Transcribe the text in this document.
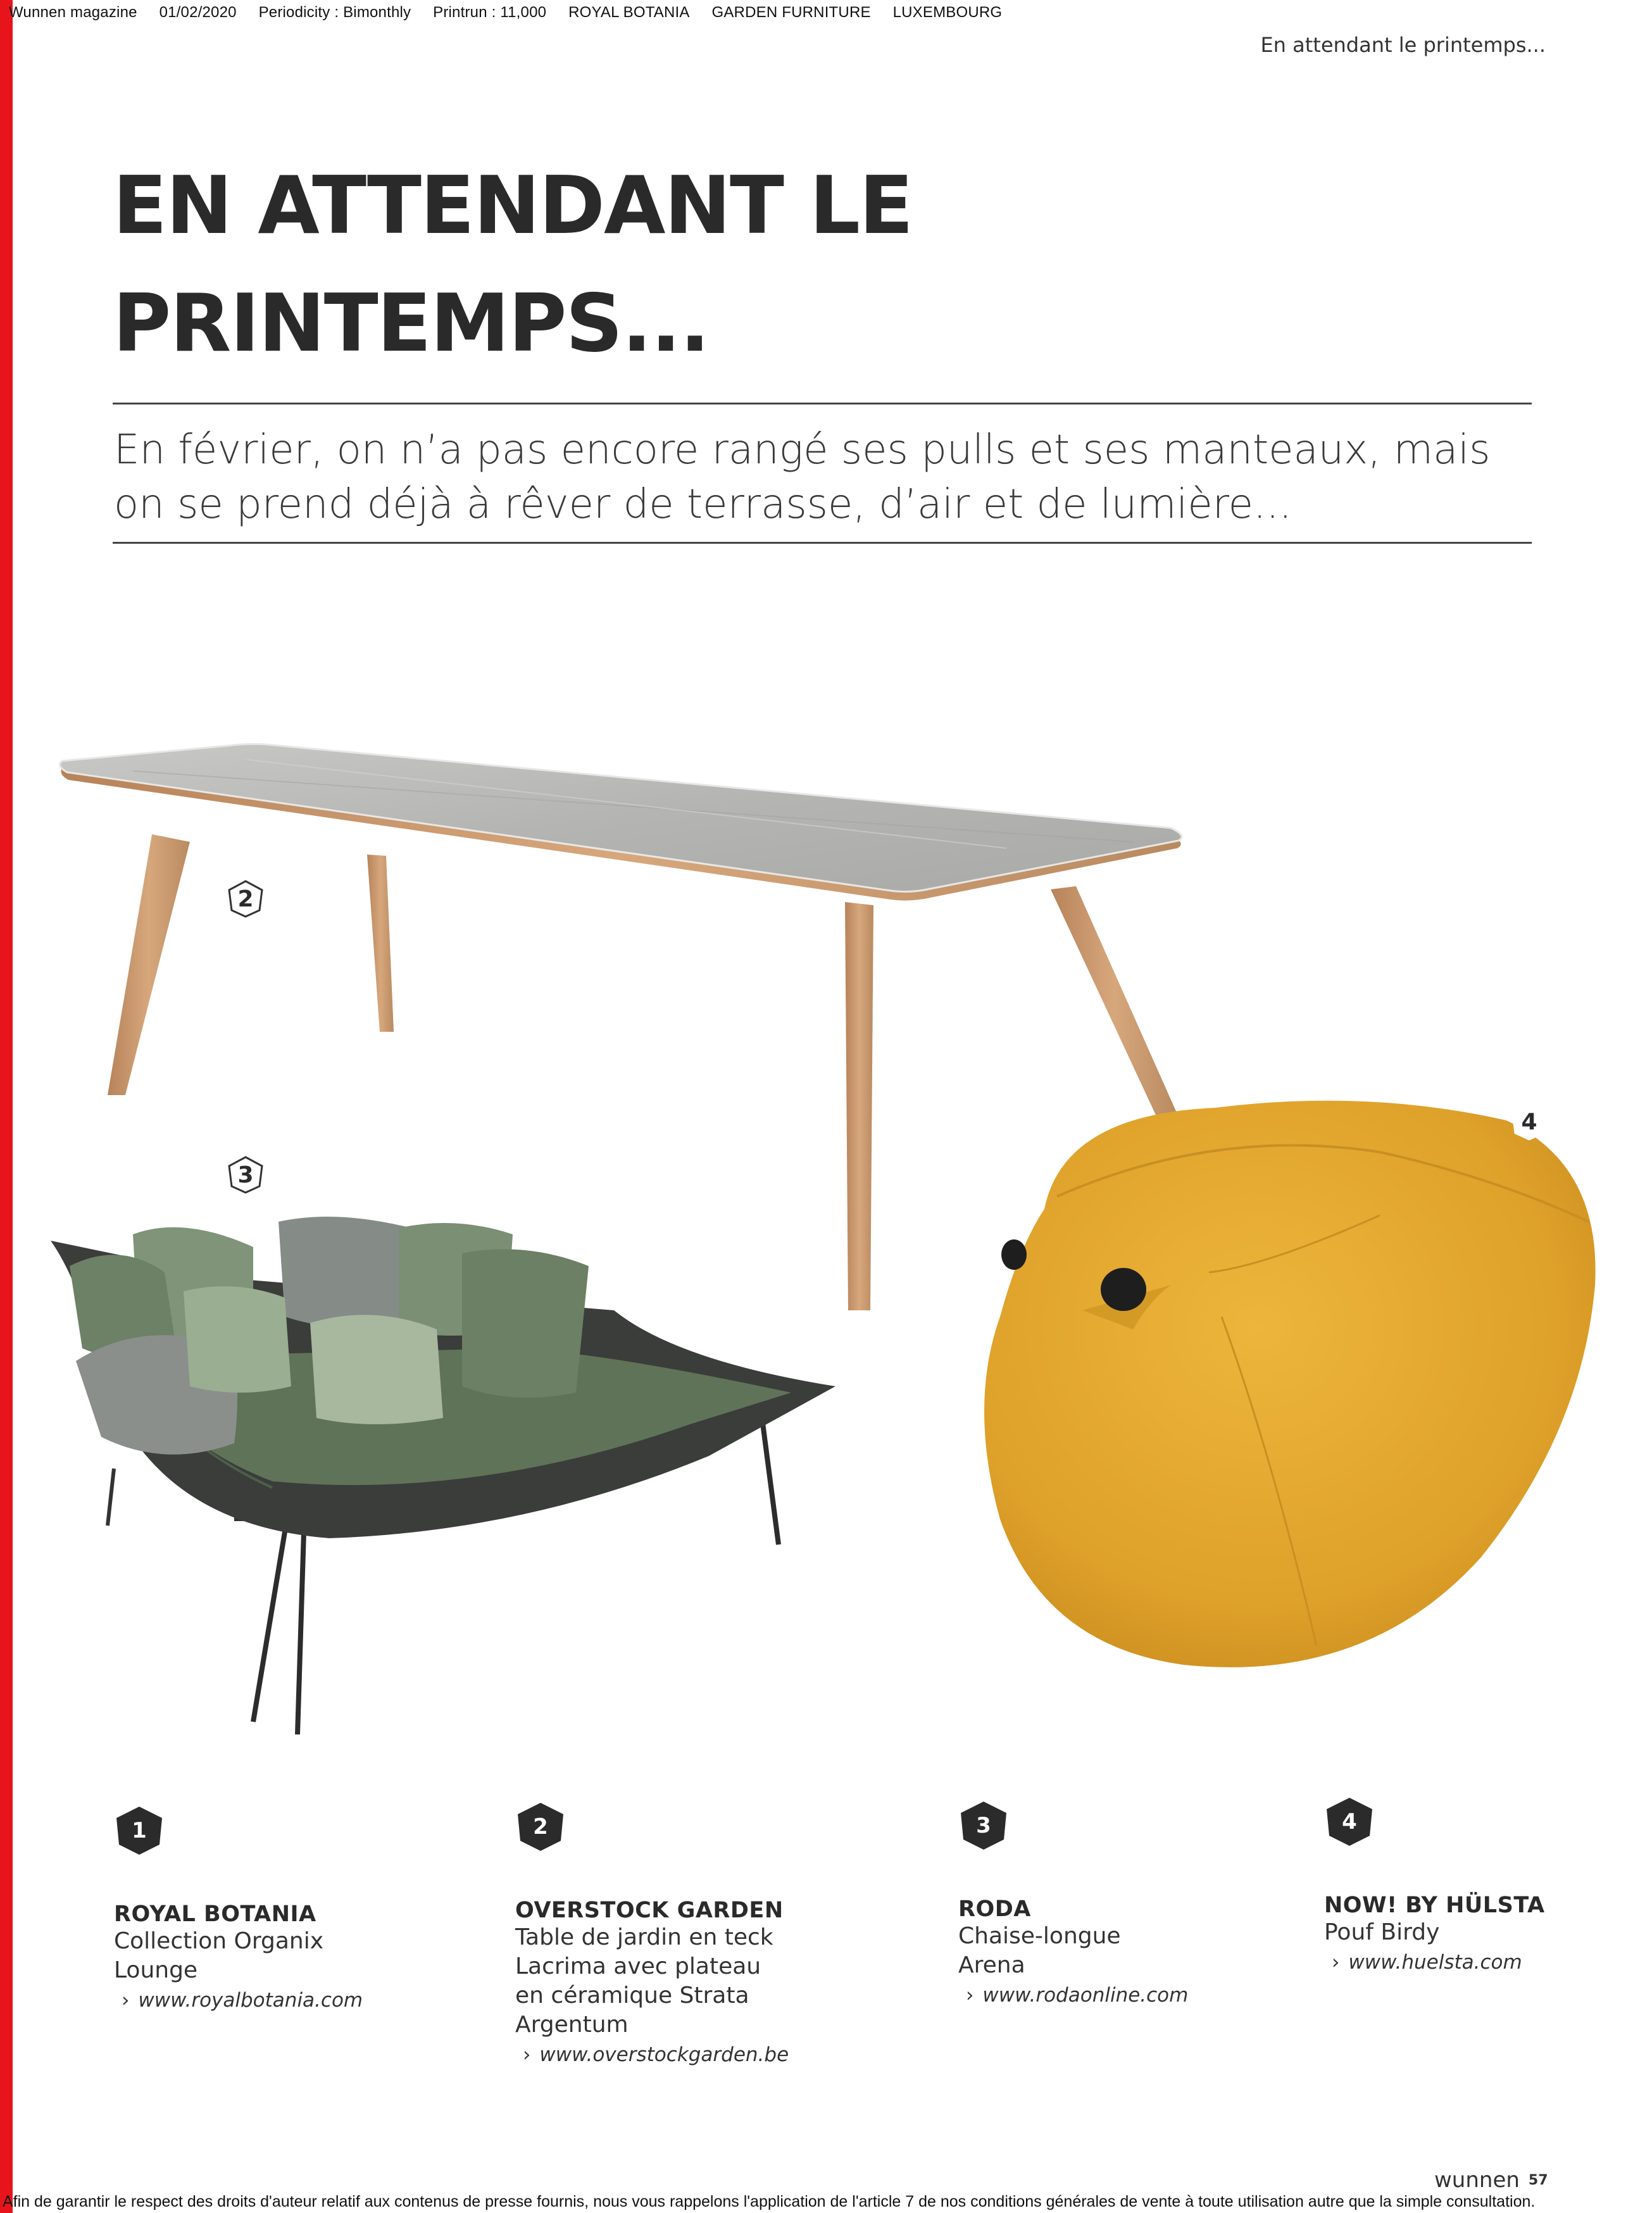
Wunnen magazine 01/02/2020 Periodicity : Bimonthly Printrun : 11,000 ROYAL BOTANIA GARDEN FURNITURE LUXEMBOURG
En attendant le printemps...
EN ATTENDANT LE
PRINTEMPS...
En février, on n’a pas encore rangé ses pulls et ses manteaux, mais on se prend déjà à rêver de terrasse, d’air et de lumière...
2
3
4
1
ROYAL BOTANIA
Collection Organix
Lounge
› www.royalbotania.com
2
OVERSTOCK GARDEN
Table de jardin en teck
Lacrima avec plateau
en céramique Strata
Argentum
› www.overstockgarden.be
3
RODA
Chaise-longue
Arena
› www.rodaonline.com
4
NOW! BY HÜLSTA
Pouf Birdy
› www.huelsta.com
wunnen 57
Afin de garantir le respect des droits d'auteur relatif aux contenus de presse fournis, nous vous rappelons l'application de l'article 7 de nos conditions générales de vente à toute utilisation autre que la simple consultation.
